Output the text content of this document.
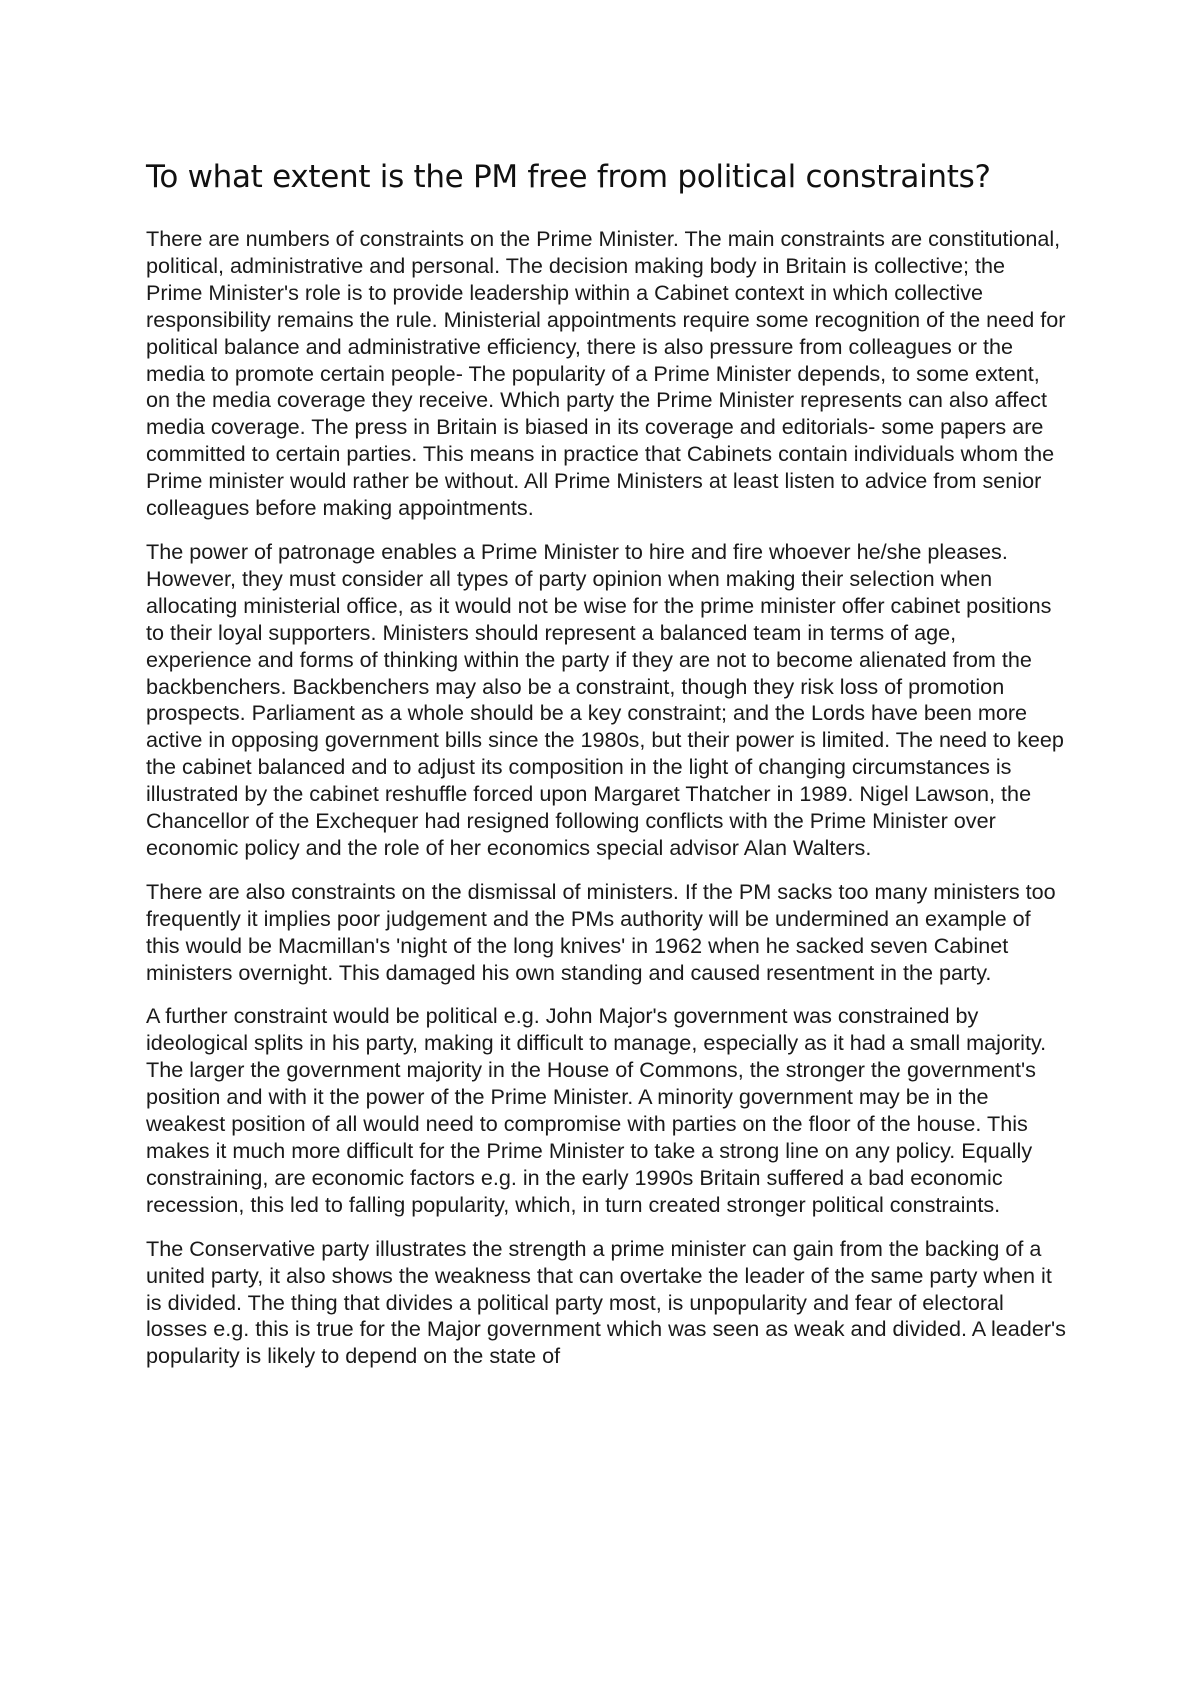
To what extent is the PM free from political constraints?

There are numbers of constraints on the Prime Minister. The main constraints are constitutional, political, administrative and personal. The decision making body in Britain is collective; the Prime Minister's role is to provide leadership within a Cabinet context in which collective responsibility remains the rule. Ministerial appointments require some recognition of the need for political balance and administrative efficiency, there is also pressure from colleagues or the media to promote certain people- The popularity of a Prime Minister depends, to some extent, on the media coverage they receive. Which party the Prime Minister represents can also affect media coverage. The press in Britain is biased in its coverage and editorials- some papers are committed to certain parties. This means in practice that Cabinets contain individuals whom the Prime minister would rather be without. All Prime Ministers at least listen to advice from senior colleagues before making appointments.

The power of patronage enables a Prime Minister to hire and fire whoever he/she pleases. However, they must consider all types of party opinion when making their selection when allocating ministerial office, as it would not be wise for the prime minister offer cabinet positions to their loyal supporters. Ministers should represent a balanced team in terms of age, experience and forms of thinking within the party if they are not to become alienated from the backbenchers. Backbenchers may also be a constraint, though they risk loss of promotion prospects. Parliament as a whole should be a key constraint; and the Lords have been more active in opposing government bills since the 1980s, but their power is limited. The need to keep the cabinet balanced and to adjust its composition in the light of changing circumstances is illustrated by the cabinet reshuffle forced upon Margaret Thatcher in 1989. Nigel Lawson, the Chancellor of the Exchequer had resigned following conflicts with the Prime Minister over economic policy and the role of her economics special advisor Alan Walters.

There are also constraints on the dismissal of ministers. If the PM sacks too many ministers too frequently it implies poor judgement and the PMs authority will be undermined an example of this would be Macmillan's 'night of the long knives' in 1962 when he sacked seven Cabinet ministers overnight. This damaged his own standing and caused resentment in the party.

A further constraint would be political e.g. John Major's government was constrained by ideological splits in his party, making it difficult to manage, especially as it had a small majority. The larger the government majority in the House of Commons, the stronger the government's position and with it the power of the Prime Minister. A minority government may be in the weakest position of all would need to compromise with parties on the floor of the house. This makes it much more difficult for the Prime Minister to take a strong line on any policy. Equally constraining, are economic factors e.g. in the early 1990s Britain suffered a bad economic recession, this led to falling popularity, which, in turn created stronger political constraints.

The Conservative party illustrates the strength a prime minister can gain from the backing of a united party, it also shows the weakness that can overtake the leader of the same party when it is divided. The thing that divides a political party most, is unpopularity and fear of electoral losses e.g. this is true for the Major government which was seen as weak and divided. A leader's popularity is likely to depend on the state of
